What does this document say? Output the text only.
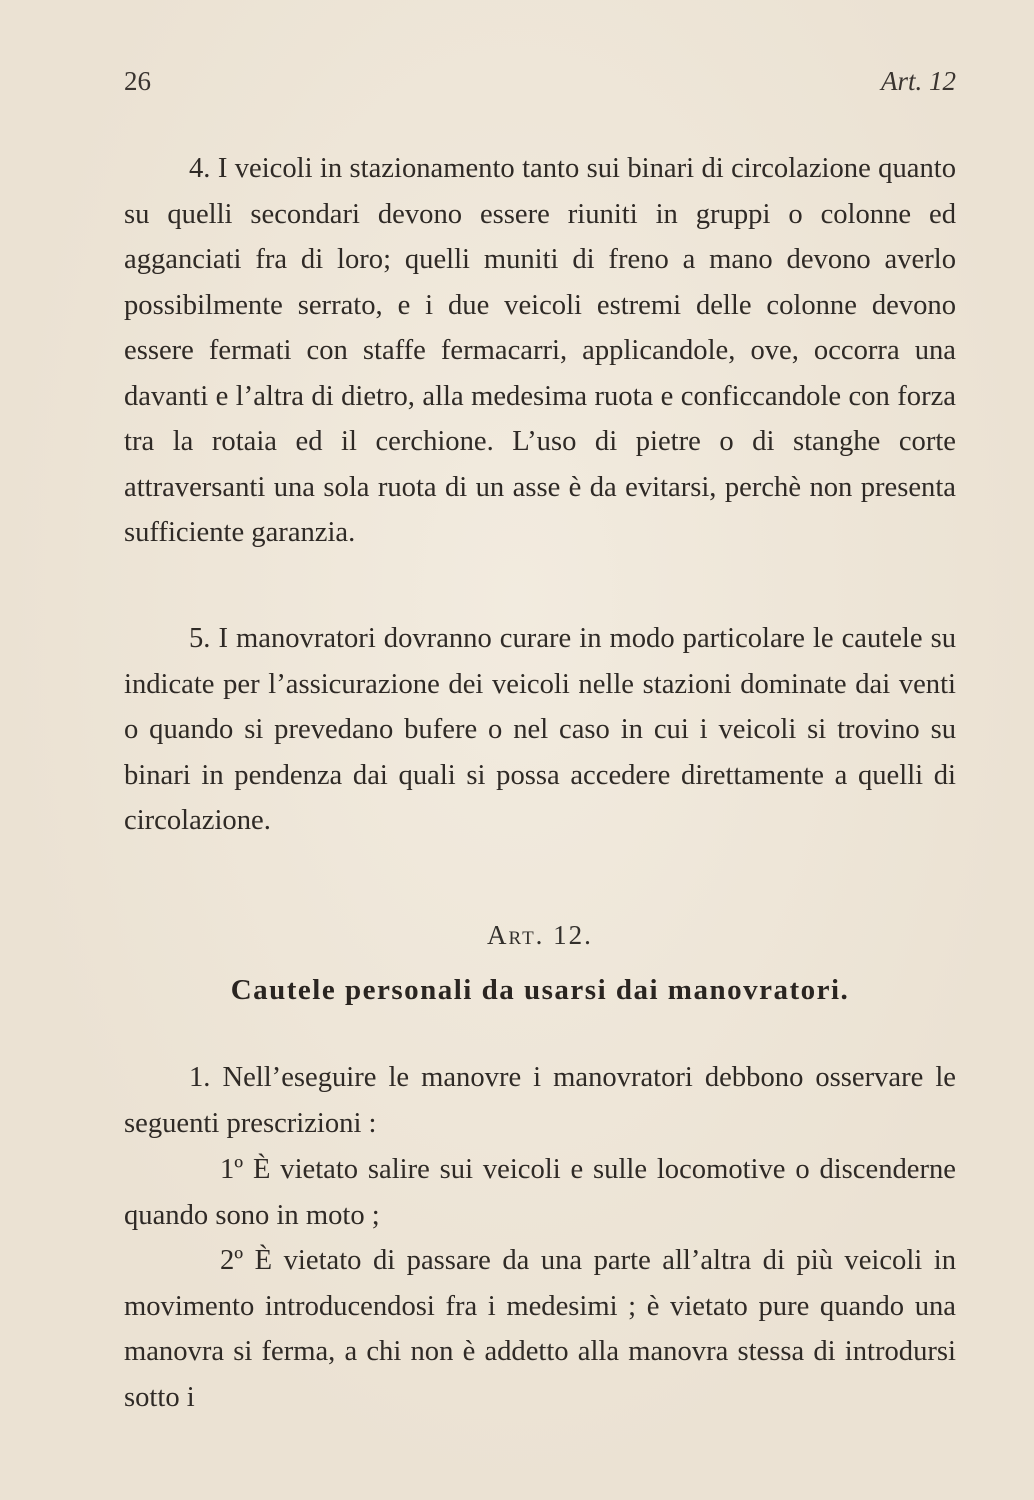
26	Art. 12

4. I veicoli in stazionamento tanto sui binari di circolazione quanto su quelli secondari devono essere riuniti in gruppi o colonne ed agganciati fra di loro; quelli muniti di freno a mano devono averlo possibilmente serrato, e i due veicoli estremi delle colonne devono essere fermati con staffe fermacarri, applicandole, ove, occorra una davanti e l’altra di dietro, alla medesima ruota e conficcandole con forza tra la rotaia ed il cerchione. L’uso di pietre o di stanghe corte attraversanti una sola ruota di un asse è da evitarsi, perchè non presenta sufficiente garanzia.

5. I manovratori dovranno curare in modo particolare le cautele su indicate per l’assicurazione dei veicoli nelle stazioni dominate dai venti o quando si prevedano bufere o nel caso in cui i veicoli si trovino su binari in pendenza dai quali si possa accedere direttamente a quelli di circolazione.

Art. 12.
Cautele personali da usarsi dai manovratori.

1. Nell’eseguire le manovre i manovratori debbono osservare le seguenti prescrizioni :

1º È vietato salire sui veicoli e sulle locomotive o discenderne quando sono in moto ;

2º È vietato di passare da una parte all’altra di più veicoli in movimento introducendosi fra i medesimi ; è vietato pure quando una manovra si ferma, a chi non è addetto alla manovra stessa di introdursi sotto i
